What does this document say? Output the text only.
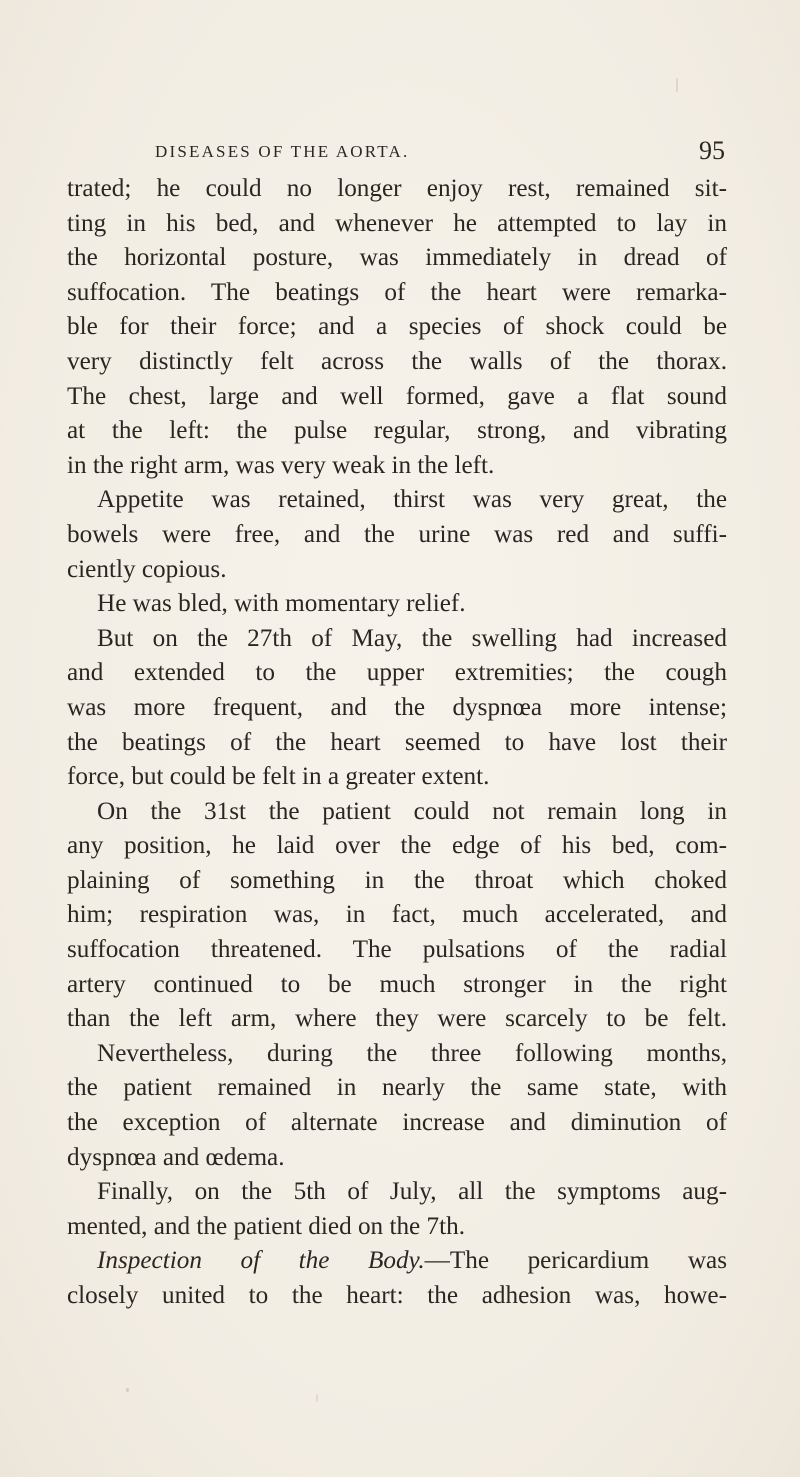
DISEASES OF THE AORTA.	95
trated; he could no longer enjoy rest, remained sit-
ting in his bed, and whenever he attempted to lay in
the horizontal posture, was immediately in dread of
suffocation. The beatings of the heart were remarka-
ble for their force; and a species of shock could be
very distinctly felt across the walls of the thorax.
The chest, large and well formed, gave a flat sound
at the left: the pulse regular, strong, and vibrating
in the right arm, was very weak in the left.
Appetite was retained, thirst was very great, the
bowels were free, and the urine was red and suffi-
ciently copious.
He was bled, with momentary relief.
But on the 27th of May, the swelling had increased
and extended to the upper extremities; the cough
was more frequent, and the dyspnœa more intense;
the beatings of the heart seemed to have lost their
force, but could be felt in a greater extent.
On the 31st the patient could not remain long in
any position, he laid over the edge of his bed, com-
plaining of something in the throat which choked
him; respiration was, in fact, much accelerated, and
suffocation threatened. The pulsations of the radial
artery continued to be much stronger in the right
than the left arm, where they were scarcely to be felt.
Nevertheless, during the three following months,
the patient remained in nearly the same state, with
the exception of alternate increase and diminution of
dyspnœa and œdema.
Finally, on the 5th of July, all the symptoms aug-
mented, and the patient died on the 7th.
Inspection of the Body.—The pericardium was
closely united to the heart: the adhesion was, howe-
